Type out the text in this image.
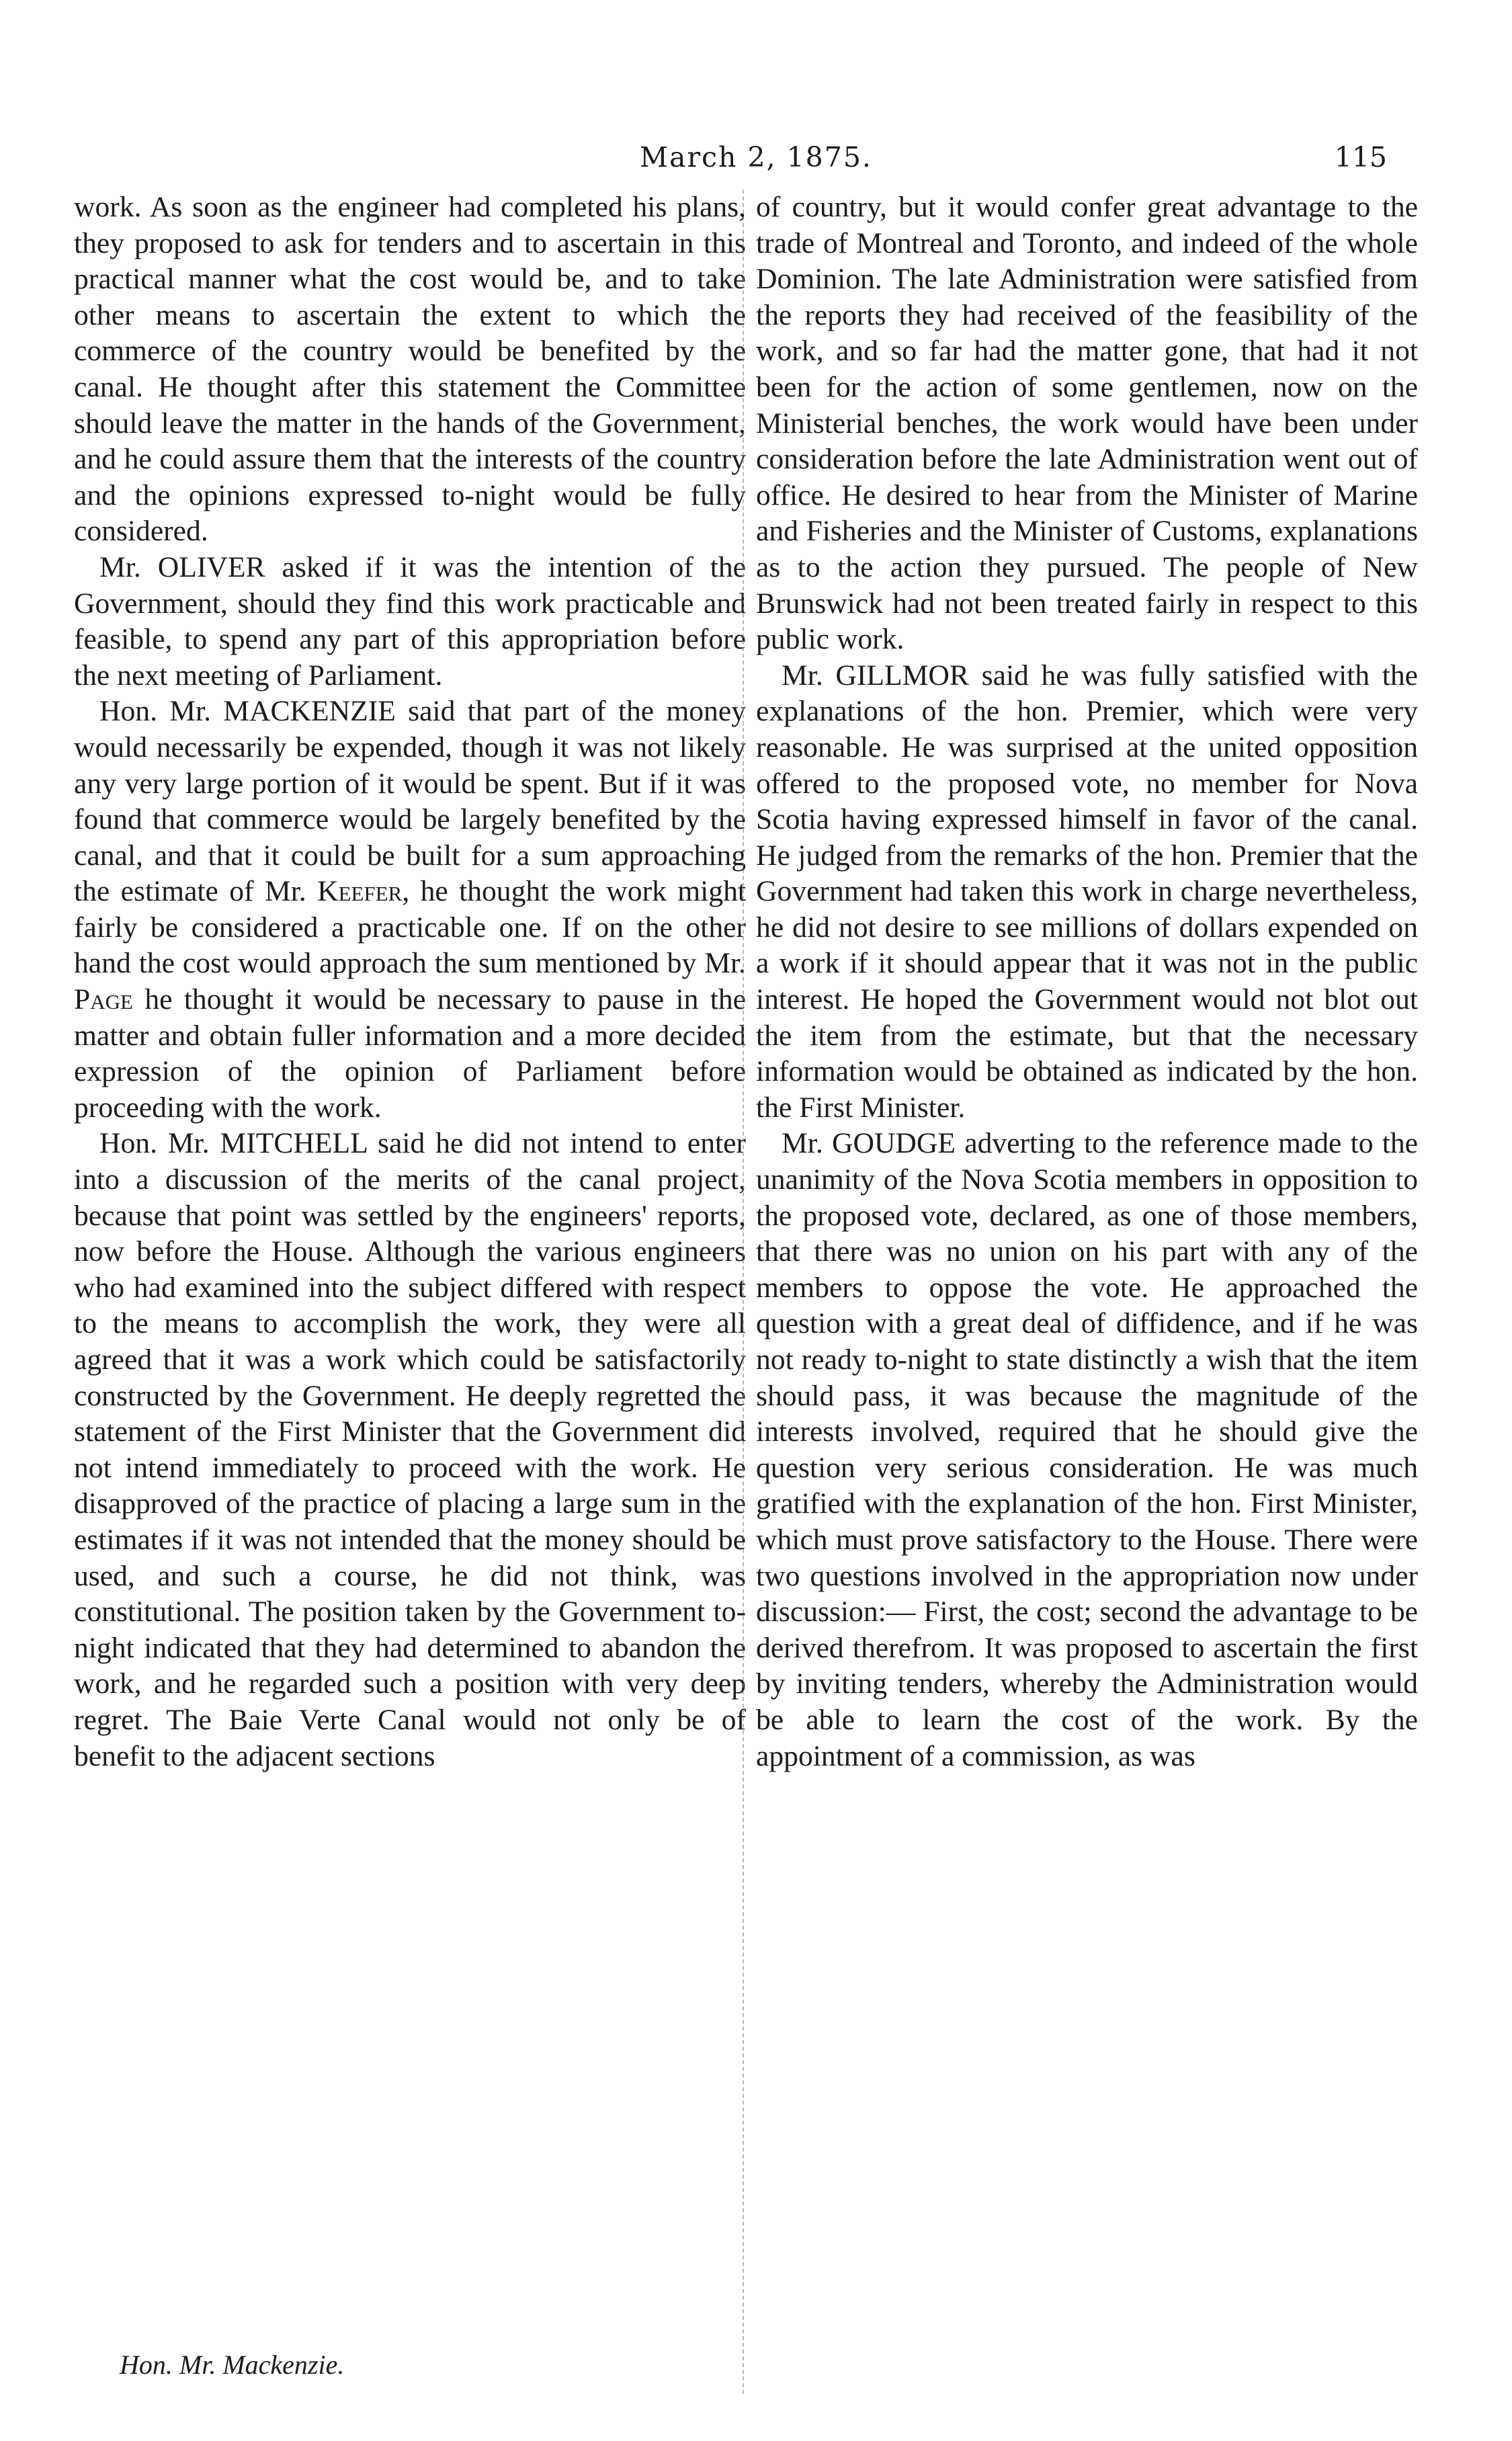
March 2, 1875.	115

work. As soon as the engineer had completed his plans, they proposed to ask for tenders and to ascertain in this practical manner what the cost would be, and to take other means to ascertain the extent to which the commerce of the country would be benefited by the canal. He thought after this statement the Committee should leave the matter in the hands of the Government, and he could assure them that the interests of the country and the opinions expressed to-night would be fully considered.

Mr. OLIVER asked if it was the intention of the Government, should they find this work practicable and feasible, to spend any part of this appropriation before the next meeting of Parliament.

Hon. Mr. MACKENZIE said that part of the money would necessarily be expended, though it was not likely any very large portion of it would be spent. But if it was found that commerce would be largely benefited by the canal, and that it could be built for a sum approaching the estimate of Mr. Keefer, he thought the work might fairly be considered a practicable one. If on the other hand the cost would approach the sum mentioned by Mr. Page he thought it would be necessary to pause in the matter and obtain fuller information and a more decided expression of the opinion of Parliament before proceeding with the work.

Hon. Mr. MITCHELL said he did not intend to enter into a discussion of the merits of the canal project, because that point was settled by the engineers' reports, now before the House. Although the various engineers who had examined into the subject differed with respect to the means to accomplish the work, they were all agreed that it was a work which could be satisfactorily constructed by the Government. He deeply regretted the statement of the First Minister that the Government did not intend immediately to proceed with the work. He disapproved of the practice of placing a large sum in the estimates if it was not intended that the money should be used, and such a course, he did not think, was constitutional. The position taken by the Government to-night indicated that they had determined to abandon the work, and he regarded such a position with very deep regret. The Baie Verte Canal would not only be of benefit to the adjacent sections

of country, but it would confer great advantage to the trade of Montreal and Toronto, and indeed of the whole Dominion. The late Administration were satisfied from the reports they had received of the feasibility of the work, and so far had the matter gone, that had it not been for the action of some gentlemen, now on the Ministerial benches, the work would have been under consideration before the late Administration went out of office. He desired to hear from the Minister of Marine and Fisheries and the Minister of Customs, explanations as to the action they pursued. The people of New Brunswick had not been treated fairly in respect to this public work.

Mr. GILLMOR said he was fully satisfied with the explanations of the hon. Premier, which were very reasonable. He was surprised at the united opposition offered to the proposed vote, no member for Nova Scotia having expressed himself in favor of the canal. He judged from the remarks of the hon. Premier that the Government had taken this work in charge nevertheless, he did not desire to see millions of dollars expended on a work if it should appear that it was not in the public interest. He hoped the Government would not blot out the item from the estimate, but that the necessary information would be obtained as indicated by the hon. the First Minister.

Mr. GOUDGE adverting to the reference made to the unanimity of the Nova Scotia members in opposition to the proposed vote, declared, as one of those members, that there was no union on his part with any of the members to oppose the vote. He approached the question with a great deal of diffidence, and if he was not ready to-night to state distinctly a wish that the item should pass, it was because the magnitude of the interests involved, required that he should give the question very serious consideration. He was much gratified with the explanation of the hon. First Minister, which must prove satisfactory to the House. There were two questions involved in the appropriation now under discussion:— First, the cost; second the advantage to be derived therefrom. It was proposed to ascertain the first by inviting tenders, whereby the Administration would be able to learn the cost of the work. By the appointment of a commission, as was

Hon. Mr. Mackenzie.
